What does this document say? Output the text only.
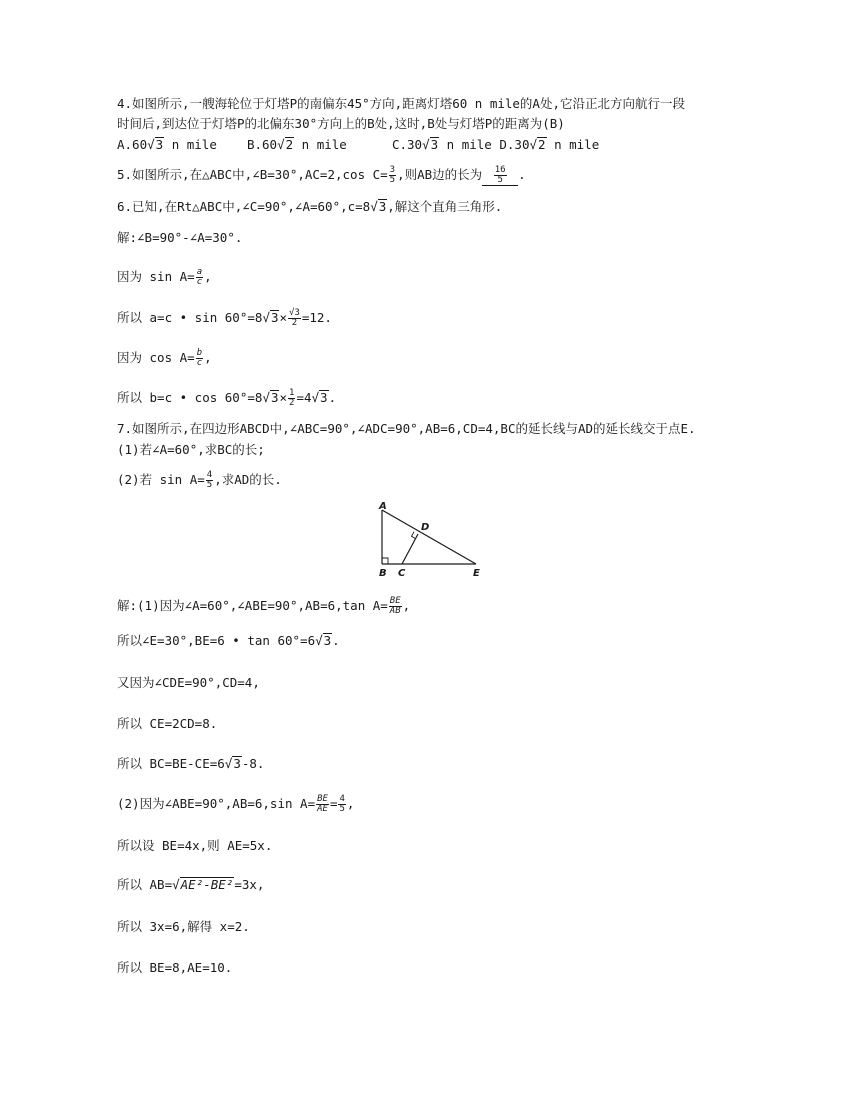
4.如图所示,一艘海轮位于灯塔P的南偏东45°方向,距离灯塔60 n mile的A处,它沿正北方向航行一段
时间后,到达位于灯塔P的北偏东30°方向上的B处,这时,B处与灯塔P的距离为(B)
A.60√3 n mile B.60√2 n mile	C.30√3 n mile D.30√2 n mile
5.如图所示,在△ABC中,∠B=30°,AC=2,cos $C= \frac{3}{5}$ ,则AB边的长为 $\frac{16}{5}$ .
6.已知,在Rt△ABC中,∠C=90°,∠A=60°,c=8√3,解这个直角三角形.
解:∠B=90°-∠A=30°.
因为 $\sin A= \frac{a}{c}$ ,
所以 a=c • $\sin 60^\circ=8√3\times \frac{√3}{2} =12$.
因为 $\cos A= \frac{b}{c}$ ,
所以 b=c • $\cos 60^\circ=8√3\times \frac{1}{2} =4√3$.
7.如图所示,在四边形ABCD中,∠ABC=90°,∠ADC=90°,AB=6,CD=4,BC的延长线与AD的延长线交于点E.
(1)若∠A=60°,求BC的长;
(2)若 $\sin A= \frac{4}{5}$ ,求AD的长.
A
B C
D
E
解:(1)因为∠A=60°,∠ABE=90°,AB=6,tan $A= \frac{BE}{AB}$ ,
所以∠E=30°,BE=6 • tan 60°=6√3.
又因为∠CDE=90°,CD=4,
所以 CE=2CD=8.
所以 BC=BE-CE=6√3-8.
(2)因为∠ABE=90°,AB=6,sin $A= \frac{BE}{AE} = \frac{4}{5}$ ,
所以设 BE=4x,则 AE=5x.
所以 AB=√AE²-BE²=3x,
所以 3x=6,解得 x=2.
所以 BE=8,AE=10.
